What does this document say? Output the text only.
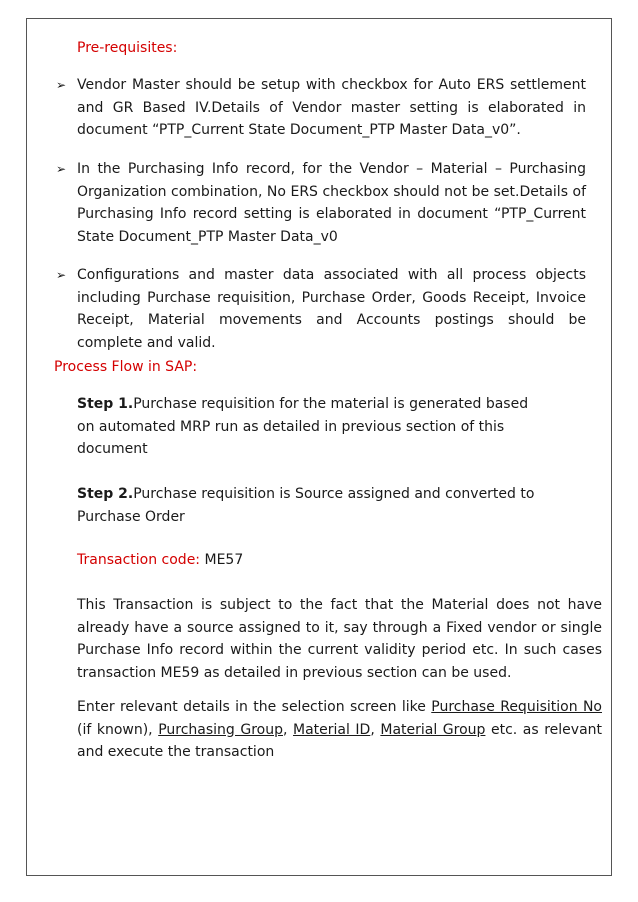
Pre-requisites:

➢ Vendor Master should be setup with checkbox for Auto ERS settlement and GR Based IV.Details of Vendor master setting is elaborated in document “PTP_Current State Document_PTP Master Data_v0”.

➢ In the Purchasing Info record, for the Vendor – Material – Purchasing Organization combination, No ERS checkbox should not be set.Details of Purchasing Info record setting is elaborated in document “PTP_Current State Document_PTP Master Data_v0

➢ Configurations and master data associated with all process objects including Purchase requisition, Purchase Order, Goods Receipt, Invoice Receipt, Material movements and Accounts postings should be complete and valid.

Process Flow in SAP:

Step 1.Purchase requisition for the material is generated based on automated MRP run as detailed in previous section of this document

Step 2.Purchase requisition is Source assigned and converted to Purchase Order

Transaction code: ME57

This Transaction is subject to the fact that the Material does not have already have a source assigned to it, say through a Fixed vendor or single Purchase Info record within the current validity period etc. In such cases transaction ME59 as detailed in previous section can be used.

Enter relevant details in the selection screen like Purchase Requisition No (if known), Purchasing Group, Material ID, Material Group etc. as relevant and execute the transaction
